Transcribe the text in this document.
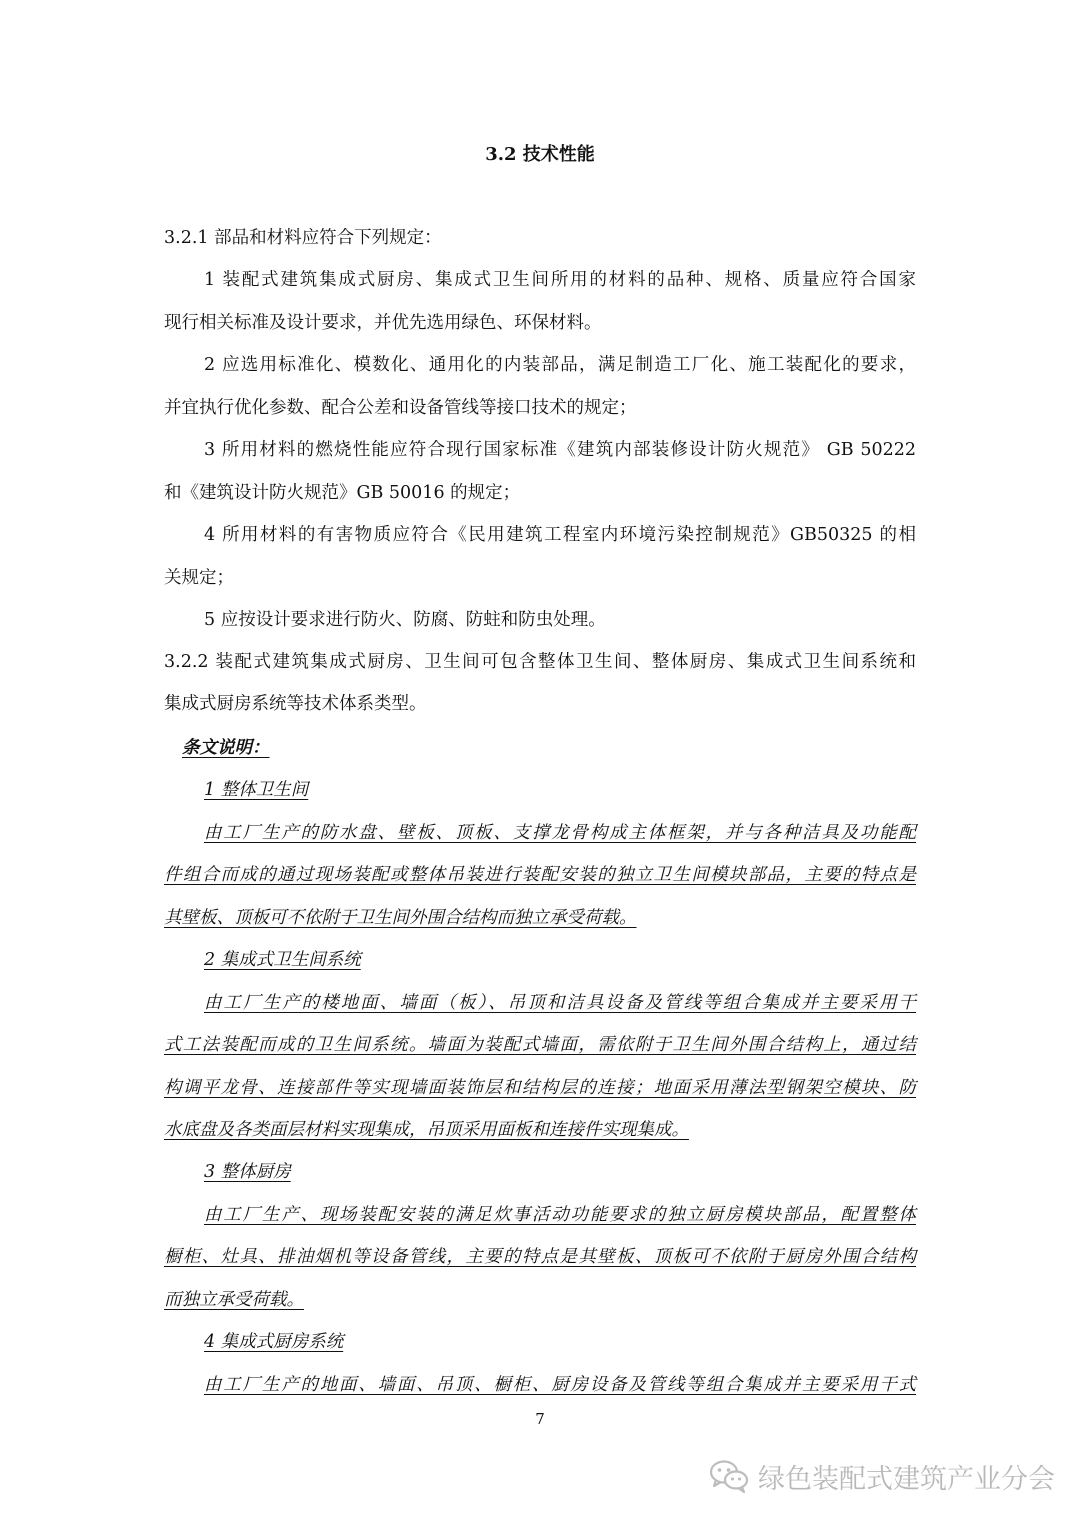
3.2 技术性能
3.2.1 部品和材料应符合下列规定：
1 装配式建筑集成式厨房、集成式卫生间所用的材料的品种、规格、质量应符合国家
现行相关标准及设计要求，并优先选用绿色、环保材料。
2 应选用标准化、模数化、通用化的内装部品，满足制造工厂化、施工装配化的要求，
并宜执行优化参数、配合公差和设备管线等接口技术的规定；
3 所用材料的燃烧性能应符合现行国家标准《建筑内部装修设计防火规范》 GB 50222
和《建筑设计防火规范》GB 50016 的规定；
4 所用材料的有害物质应符合《民用建筑工程室内环境污染控制规范》GB50325 的相
关规定；
5 应按设计要求进行防火、防腐、防蛀和防虫处理。
3.2.2 装配式建筑集成式厨房、卫生间可包含整体卫生间、整体厨房、集成式卫生间系统和
集成式厨房系统等技术体系类型。
条文说明：
1 整体卫生间
由工厂生产的防水盘、壁板、顶板、支撑龙骨构成主体框架，并与各种洁具及功能配
件组合而成的通过现场装配或整体吊装进行装配安装的独立卫生间模块部品，主要的特点是
其壁板、顶板可不依附于卫生间外围合结构而独立承受荷载。
2 集成式卫生间系统
由工厂生产的楼地面、墙面（板）、吊顶和洁具设备及管线等组合集成并主要采用干
式工法装配而成的卫生间系统。墙面为装配式墙面，需依附于卫生间外围合结构上，通过结
构调平龙骨、连接部件等实现墙面装饰层和结构层的连接；地面采用薄法型钢架空模块、防
水底盘及各类面层材料实现集成，吊顶采用面板和连接件实现集成。
3 整体厨房
由工厂生产、现场装配安装的满足炊事活动功能要求的独立厨房模块部品，配置整体
橱柜、灶具、排油烟机等设备管线，主要的特点是其壁板、顶板可不依附于厨房外围合结构
而独立承受荷载。
4 集成式厨房系统
由工厂生产的地面、墙面、吊顶、橱柜、厨房设备及管线等组合集成并主要采用干式
7
绿色装配式建筑产业分会
